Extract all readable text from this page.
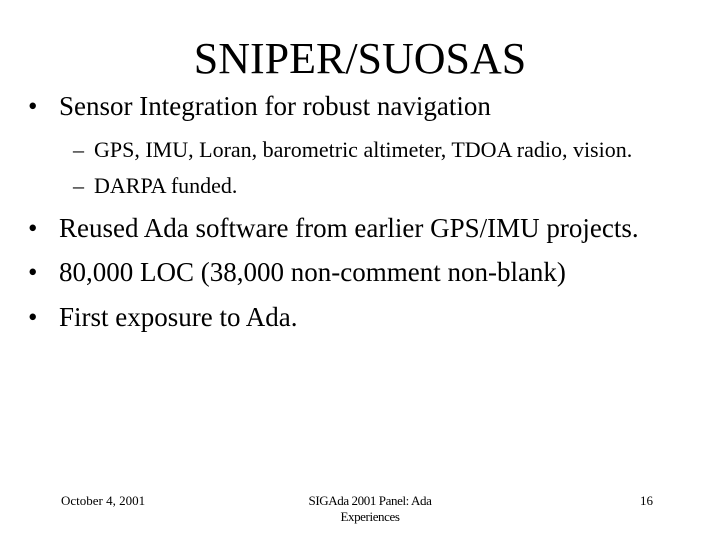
SNIPER/SUOSAS
• Sensor Integration for robust navigation
– GPS, IMU, Loran, barometric altimeter, TDOA radio, vision.
– DARPA funded.
• Reused Ada software from earlier GPS/IMU projects.
• 80,000 LOC (38,000 non-comment non-blank)
• First exposure to Ada.
October 4, 2001	SIGAda 2001 Panel: Ada
Experiences
16
